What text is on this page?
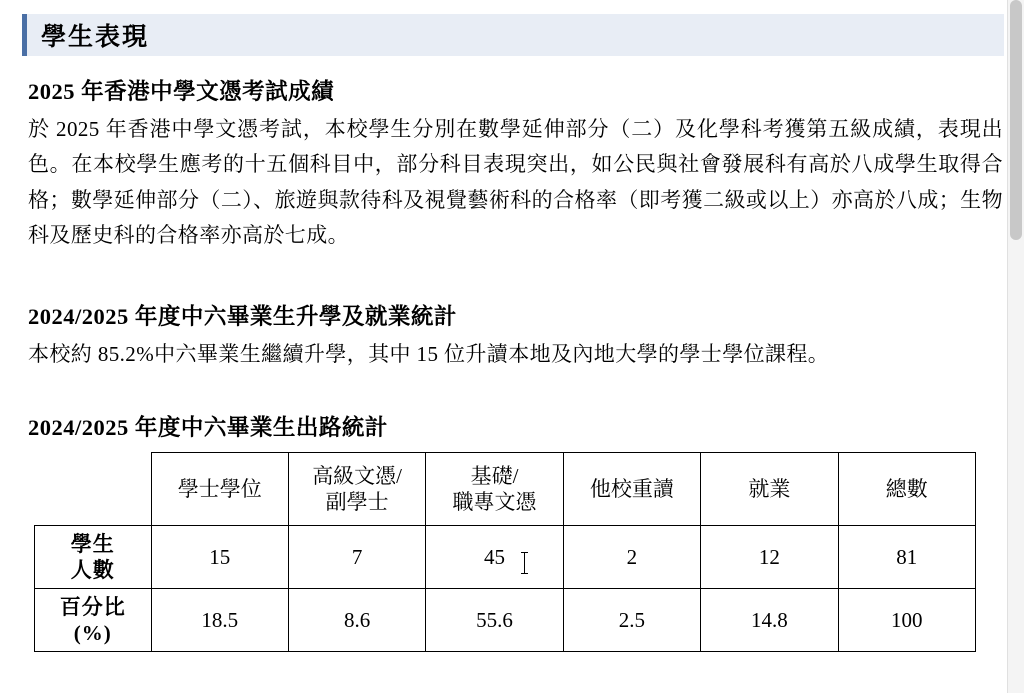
學生表現
2025 年香港中學文憑考試成績

於 2025 年香港中學文憑考試，本校學生分別在數學延伸部分（二）及化學科考獲第五級成績，表現出色。在本校學生應考的十五個科目中，部分科目表現突出，如公民與社會發展科有高於八成學生取得合格；數學延伸部分（二）、旅遊與款待科及視覺藝術科的合格率（即考獲二級或以上）亦高於八成；生物科及歷史科的合格率亦高於七成。

2024/2025 年度中六畢業生升學及就業統計

本校約 85.2%中六畢業生繼續升學，其中 15 位升讀本地及內地大學的學士學位課程。

2024/2025 年度中六畢業生出路統計
	學士學位	高級文憑/
副學士	基礎/
職專文憑	他校重讀	就業	總數

學生
人數	15	7	45	2	12	81
百分比
(%)	18.5	8.6	55.6	2.5	14.8	100
